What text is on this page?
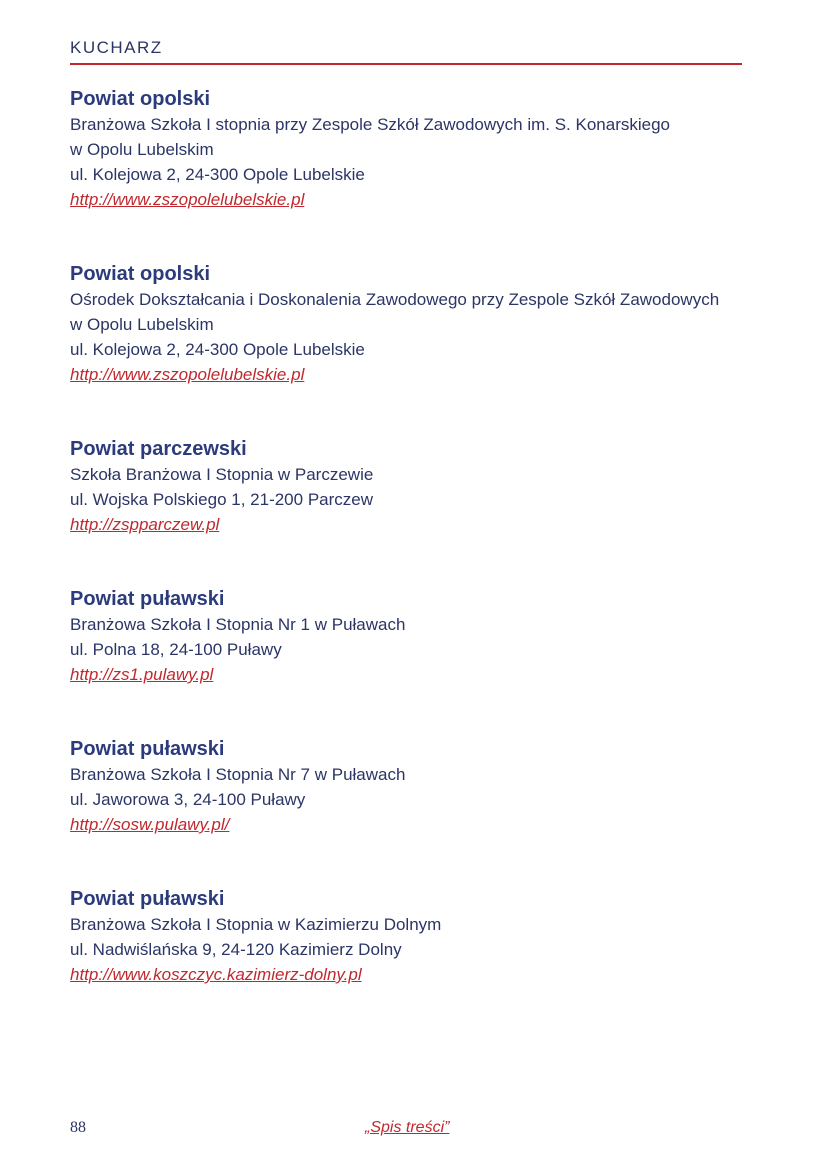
KUCHARZ
Powiat opolski
Branżowa Szkoła I stopnia przy Zespole Szkół Zawodowych im. S. Konarskiego
w Opolu Lubelskim
ul. Kolejowa 2, 24-300 Opole Lubelskie
http://www.zszopolelubelskie.pl
Powiat opolski
Ośrodek Dokształcania i Doskonalenia Zawodowego przy Zespole Szkół Zawodowych
w Opolu Lubelskim
ul. Kolejowa 2, 24-300 Opole Lubelskie
http://www.zszopolelubelskie.pl
Powiat parczewski
Szkoła Branżowa I Stopnia w Parczewie
ul. Wojska Polskiego 1, 21-200 Parczew
http://zspparczew.pl
Powiat puławski
Branżowa Szkoła I Stopnia Nr 1 w Puławach
ul. Polna 18, 24-100 Puławy
http://zs1.pulawy.pl
Powiat puławski
Branżowa Szkoła I Stopnia Nr 7 w Puławach
ul. Jaworowa 3, 24-100 Puławy
http://sosw.pulawy.pl/
Powiat puławski
Branżowa Szkoła I Stopnia w Kazimierzu Dolnym
ul. Nadwiślańska 9, 24-120 Kazimierz Dolny
http://www.koszczyc.kazimierz-dolny.pl
88	„Spis treści”
